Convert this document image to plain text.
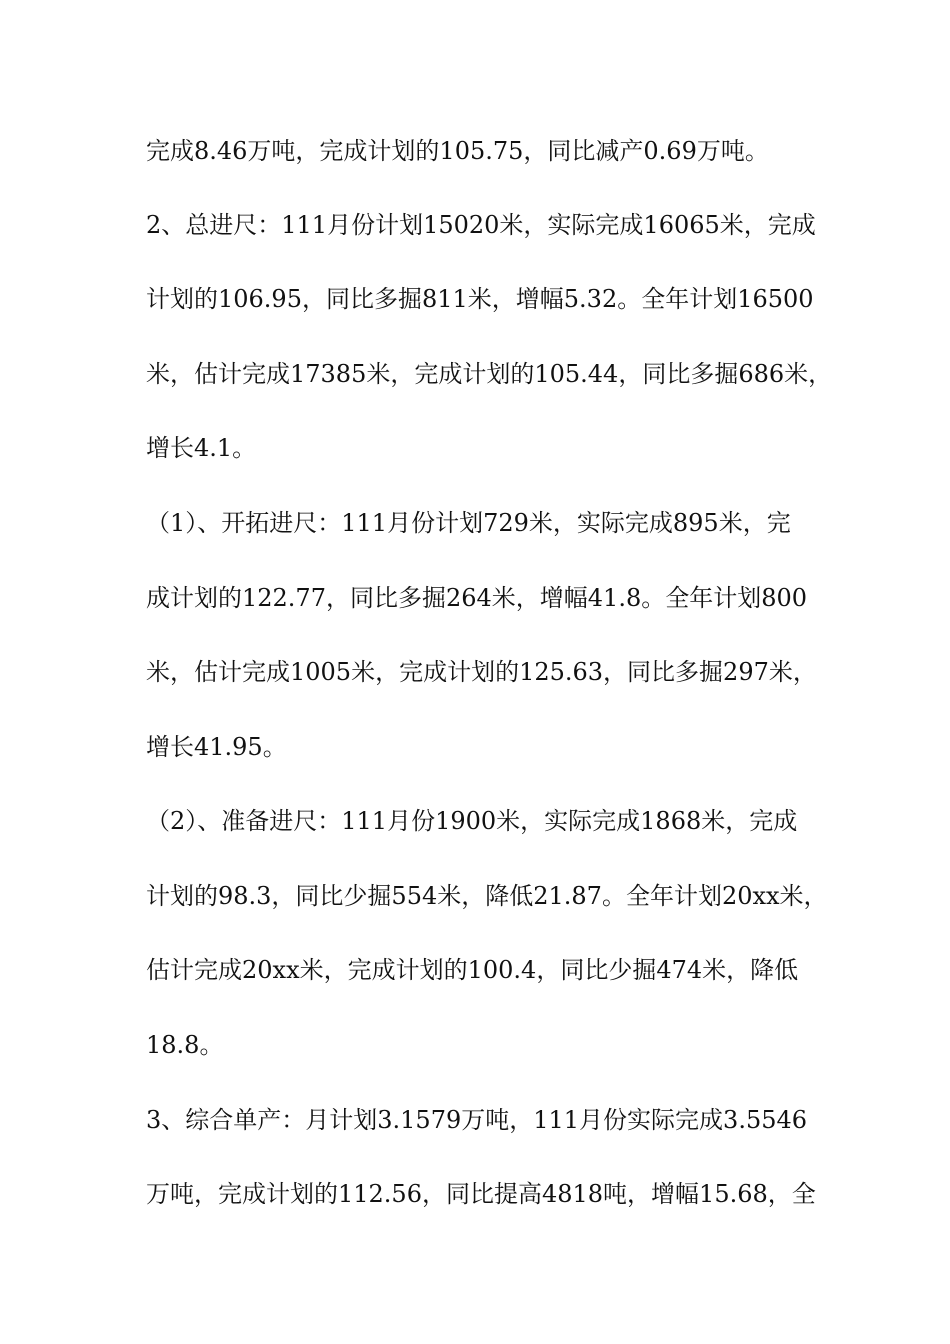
完成8.46万吨，完成计划的105.75，同比减产0.69万吨。
2、总进尺：111月份计划15020米，实际完成16065米，完成
计划的106.95，同比多掘811米，增幅5.32。全年计划16500
米，估计完成17385米，完成计划的105.44，同比多掘686米，
增长4.1。
（1）、开拓进尺：111月份计划729米，实际完成895米，完
成计划的122.77，同比多掘264米，增幅41.8。全年计划800
米，估计完成1005米，完成计划的125.63，同比多掘297米，
增长41.95。
（2）、准备进尺：111月份1900米，实际完成1868米，完成
计划的98.3，同比少掘554米，降低21.87。全年计划20xx米，
估计完成20xx米，完成计划的100.4，同比少掘474米，降低
18.8。
3、综合单产：月计划3.1579万吨，111月份实际完成3.5546
万吨，完成计划的112.56，同比提高4818吨，增幅15.68，全
